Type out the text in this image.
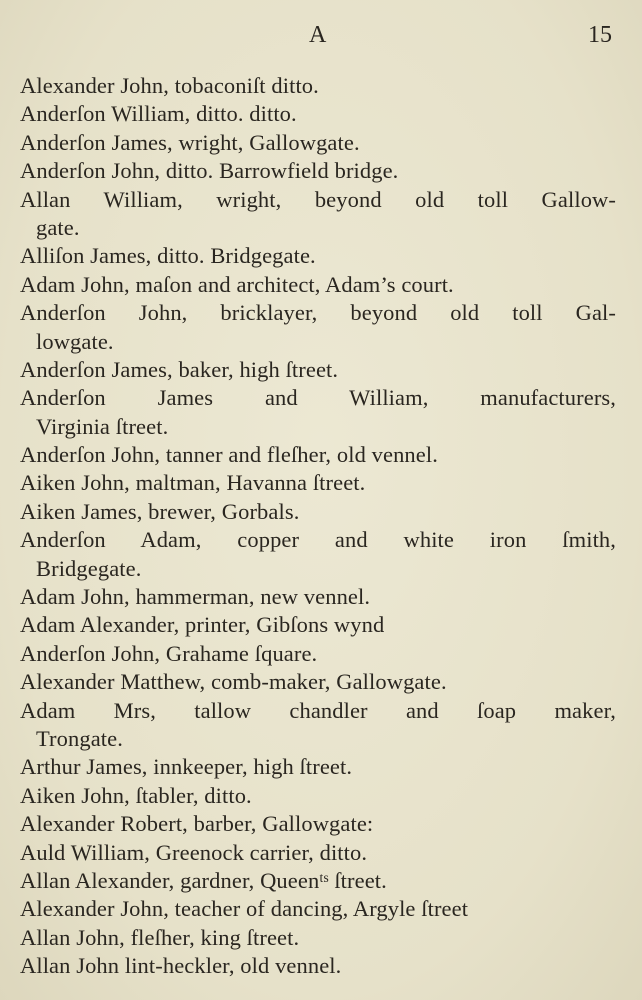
A	15
Alexander John, tobaconiſt ditto.
Anderſon William, ditto. ditto.
Anderſon James, wright, Gallowgate.
Anderſon John, ditto. Barrowfield bridge.
Allan William, wright, beyond old toll Gallow-
gate.
Alliſon James, ditto. Bridgegate.
Adam John, maſon and architect, Adam’s court.
Anderſon John, bricklayer, beyond old toll Gal-
lowgate.
Anderſon James, baker, high ſtreet.
Anderſon James and William, manufacturers,
Virginia ſtreet.
Anderſon John, tanner and fleſher, old vennel.
Aiken John, maltman, Havanna ſtreet.
Aiken James, brewer, Gorbals.
Anderſon Adam, copper and white iron ſmith,
Bridgegate.
Adam John, hammerman, new vennel.
Adam Alexander, printer, Gibſons wynd
Anderſon John, Grahame ſquare.
Alexander Matthew, comb-maker, Gallowgate.
Adam Mrs, tallow chandler and ſoap maker,
Trongate.
Arthur James, innkeeper, high ſtreet.
Aiken John, ſtabler, ditto.
Alexander Robert, barber, Gallowgate:
Auld William, Greenock carrier, ditto.
Allan Alexander, gardner, Queenᵗˢ ſtreet.
Alexander John, teacher of dancing, Argyle ſtreet
Allan John, fleſher, king ſtreet.
Allan John lint-heckler, old vennel.
